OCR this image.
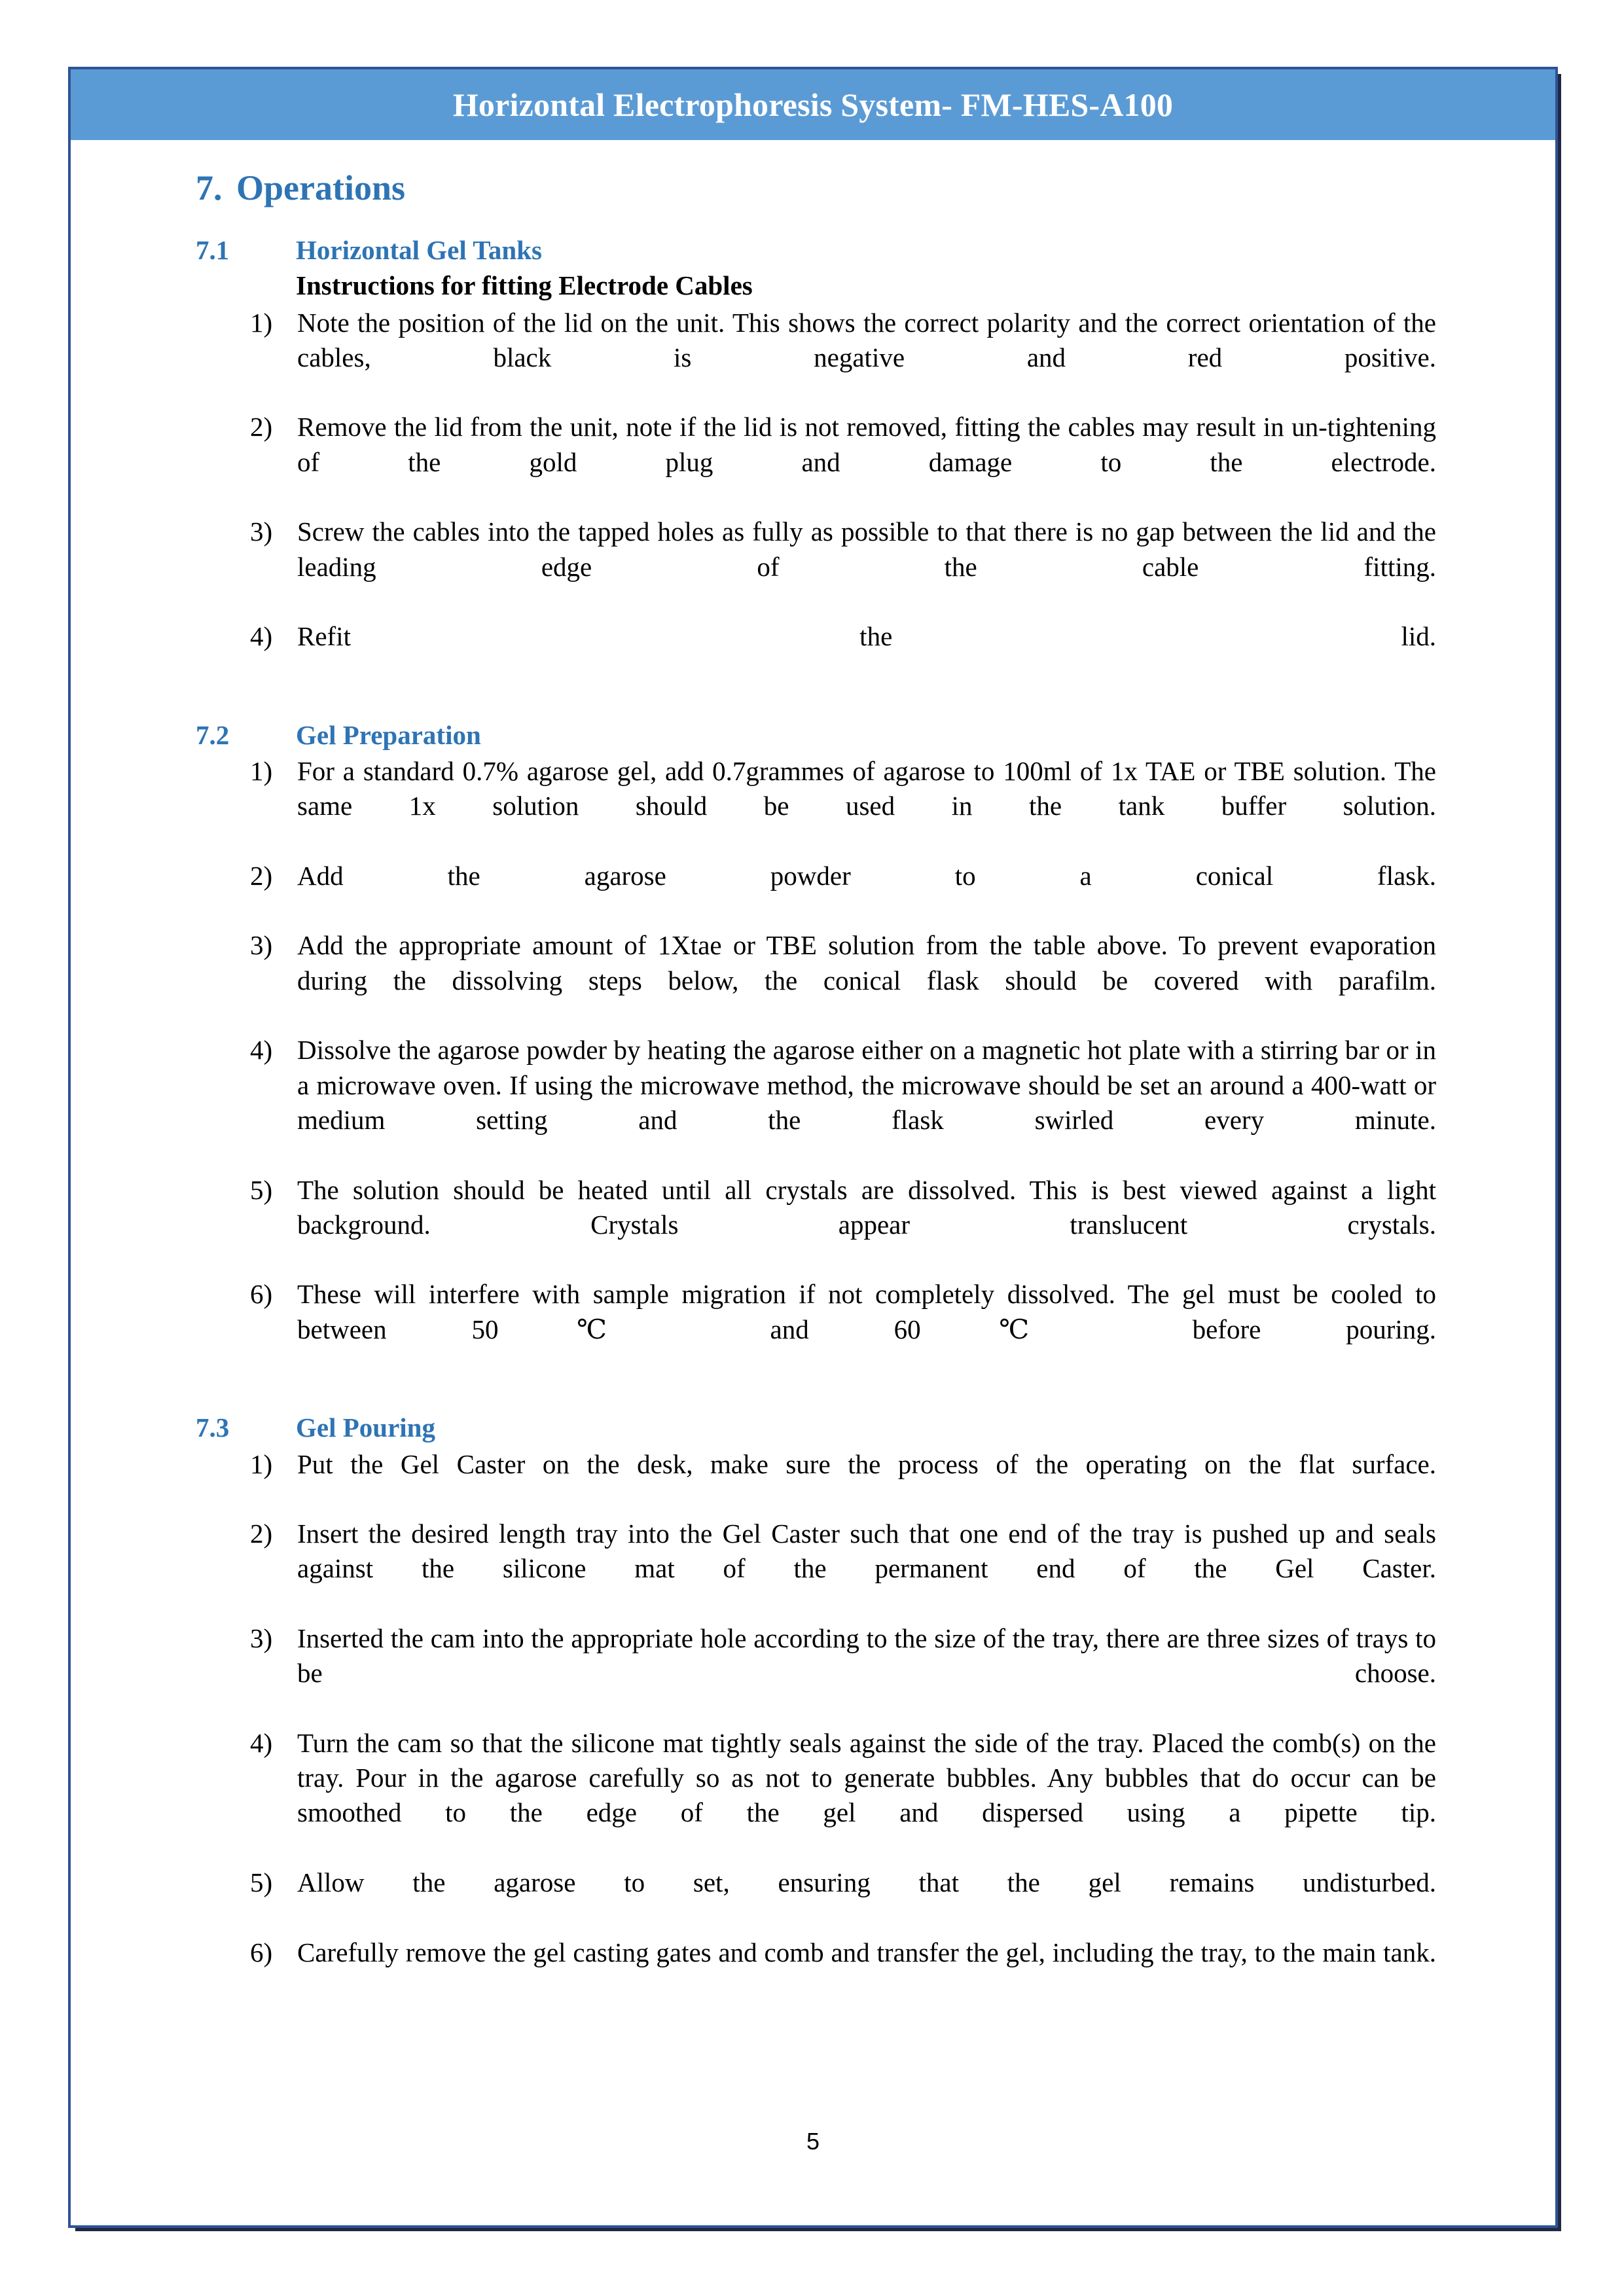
Horizontal Electrophoresis System- FM-HES-A100
7. Operations
7.1	Horizontal Gel Tanks
Instructions for fitting Electrode Cables
1) Note the position of the lid on the unit. This shows the correct polarity and the correct orientation of the cables, black is negative and red positive.
2) Remove the lid from the unit, note if the lid is not removed, fitting the cables may result in un-tightening of the gold plug and damage to the electrode.
3) Screw the cables into the tapped holes as fully as possible to that there is no gap between the lid and the leading edge of the cable fitting.
4) Refit the lid.
7.2	Gel Preparation
1) For a standard 0.7% agarose gel, add 0.7grammes of agarose to 100ml of 1x TAE or TBE solution. The same 1x solution should be used in the tank buffer solution.
2) Add the agarose powder to a conical flask.
3) Add the appropriate amount of 1Xtae or TBE solution from the table above. To prevent evaporation during the dissolving steps below, the conical flask should be covered with parafilm.
4) Dissolve the agarose powder by heating the agarose either on a magnetic hot plate with a stirring bar or in a microwave oven. If using the microwave method, the microwave should be set an around a 400-watt or medium setting and the flask swirled every minute.
5) The solution should be heated until all crystals are dissolved. This is best viewed against a light background. Crystals appear translucent crystals.
6) These will interfere with sample migration if not completely dissolved. The gel must be cooled to between 50℃ and 60℃ before pouring.
7.3	Gel Pouring
1) Put the Gel Caster on the desk, make sure the process of the operating on the flat surface.
2) Insert the desired length tray into the Gel Caster such that one end of the tray is pushed up and seals against the silicone mat of the permanent end of the Gel Caster.
3) Inserted the cam into the appropriate hole according to the size of the tray, there are three sizes of trays to be choose.
4) Turn the cam so that the silicone mat tightly seals against the side of the tray. Placed the comb(s) on the tray. Pour in the agarose carefully so as not to generate bubbles. Any bubbles that do occur can be smoothed to the edge of the gel and dispersed using a pipette tip.
5) Allow the agarose to set, ensuring that the gel remains undisturbed.
6) Carefully remove the gel casting gates and comb and transfer the gel, including the tray, to the main tank.
5
